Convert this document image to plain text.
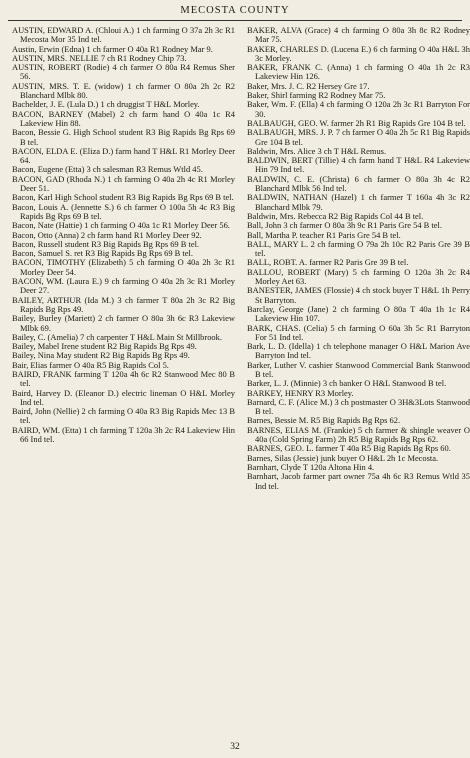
MECOSTA COUNTY
AUSTIN, EDWARD A. (Chloui A.) 1 ch farming O 37a 2h 3c R1 Mecosta Mor 35 Ind tel.
Austin, Erwin (Edna) 1 ch farmer O 40a R1 Rodney Mar 9.
AUSTIN, MRS. NELLIE 7 ch R1 Rodney Chip 73.
AUSTIN, ROBERT (Rodie) 4 ch farmer O 80a R4 Remus Sher 56.
AUSTIN, MRS. T. E. (widow) 1 ch farmer O 80a 2h 2c R2 Blanchard Mlbk 80.
Bachelder, J. E. (Lula D.) 1 ch druggist T H&L Morley.
BACON, BARNEY (Mabel) 2 ch farm hand O 40a 1c R4 Lakeview Hin 88.
Bacon, Bessie G. High School student R3 Big Rapids Bg Rps 69 B tel.
BACON, ELDA E. (Eliza D.) farm hand T H&L R1 Morley Deer 64.
Bacon, Eugene (Etta) 3 ch salesman R3 Remus Wtld 45.
BACON, GAD (Rhoda N.) 1 ch farming O 40a 2h 4c R1 Morley Deer 51.
Bacon, Karl High School student R3 Big Rapids Bg Rps 69 B tel.
Bacon, Louis A. (Jennette S.) 6 ch farmer O 100a 5h 4c R3 Big Rapids Bg Rps 69 B tel.
Bacon, Nate (Hattie) 1 ch farming O 40a 1c R1 Morley Deer 56.
Bacon, Otto (Anna) 2 ch farm hand R1 Morley Deer 92.
Bacon, Russell student R3 Big Rapids Bg Rps 69 B tel.
Bacon, Samuel S. ret R3 Big Rapids Bg Rps 69 B tel.
BACON, TIMOTHY (Elizabeth) 5 ch farming O 40a 2h 3c R1 Morley Deer 54.
BACON, WM. (Laura E.) 9 ch farming O 40a 2h 3c R1 Morley Deer 27.
BAILEY, ARTHUR (Ida M.) 3 ch farmer T 80a 2h 3c R2 Big Rapids Bg Rps 49.
Bailey, Burley (Mariett) 2 ch farmer O 80a 3h 6c R3 Lakeview Mlbk 69.
Bailey, C. (Amelia) 7 ch carpenter T H&L Main St Millbrook.
Bailey, Mabel Irene student R2 Big Rapids Bg Rps 49.
Bailey, Nina May student R2 Big Rapids Bg Rps 49.
Bair, Elias farmer O 40a R5 Big Rapids Col 5.
BAIRD, FRANK farming T 120a 4h 6c R2 Stanwood Mec 80 B tel.
Baird, Harvey D. (Eleanor D.) electric lineman O H&L Morley Ind tel.
Baird, John (Nellie) 2 ch farming O 40a R3 Big Rapids Mec 13 B tel.
BAIRD, WM. (Etta) 1 ch farming T 120a 3h 2c R4 Lakeview Hin 66 Ind tel.
BAKER, ALVA (Grace) 4 ch farming O 80a 3h 8c R2 Rodney Mar 75.
BAKER, CHARLES D. (Lucena E.) 6 ch farming O 40a H&L 3h 3c Morley.
BAKER, FRANK C. (Anna) 1 ch farming O 40a 1h 2c R3 Lakeview Hin 126.
Baker, Mrs. J. C. R2 Hersey Gre 17.
Baker, Shirl farming R2 Rodney Mar 75.
Baker, Wm. F. (Ella) 4 ch farming O 120a 2h 3c R1 Barryton For 30.
BALBAUGH, GEO. W. farmer 2h R1 Big Rapids Gre 104 B tel.
BALBAUGH, MRS. J. P. 7 ch farmer O 40a 2h 5c R1 Big Rapids Gre 104 B tel.
Baldwin, Mrs. Alice 3 ch T H&L Remus.
BALDWIN, BERT (Tillie) 4 ch farm hand T H&L R4 Lakeview Hin 79 Ind tel.
BALDWIN, C. E. (Christa) 6 ch farmer O 80a 3h 4c R2 Blanchard Mlbk 56 Ind tel.
BALDWIN, NATHAN (Hazel) 1 ch farmer T 160a 4h 3c R2 Blanchard Mlbk 79.
Baldwin, Mrs. Rebecca R2 Big Rapids Col 44 B tel.
Ball, John 3 ch farmer O 80a 3h 9c R1 Paris Gre 54 B tel.
Ball, Martha P. teacher R1 Paris Gre 54 B tel.
BALL, MARY L. 2 ch farming O 79a 2h 10c R2 Paris Gre 39 B tel.
BALL, ROBT. A. farmer R2 Paris Gre 39 B tel.
BALLOU, ROBERT (Mary) 5 ch farming O 120a 3h 2c R4 Morley Aet 63.
BANESTER, JAMES (Flossie) 4 ch stock buyer T H&L 1h Perry St Barryton.
Barclay, George (Jane) 2 ch farming O 80a T 40a 1h 1c R4 Lakeview Hin 107.
BARK, CHAS. (Celia) 5 ch farming O 60a 3h 5c R1 Barryton For 51 Ind tel.
Bark, L. D. (Idella) 1 ch telephone manager O H&L Marion Ave Barryton Ind tel.
Barker, Luther V. cashier Stanwood Commercial Bank Stanwood B tel.
Barker, L. J. (Minnie) 3 ch banker O H&L Stanwood B tel.
BARKEY, HENRY R3 Morley.
Barnard, C. F. (Alice M.) 3 ch postmaster O 3H&3Lots Stanwood B tel.
Barnes, Bessie M. R5 Big Rapids Bg Rps 62.
BARNES, ELIAS M. (Frankie) 5 ch farmer & shingle weaver O 40a (Cold Spring Farm) 2h R5 Big Rapids Bg Rps 62.
BARNES, GEO. L. farmer T 40a R5 Big Rapids Bg Rps 60.
Barnes, Silas (Jessie) junk buyer O H&L 2h 1c Mecosta.
Barnhart, Clyde T 120a Altona Hin 4.
Barnhart, Jacob farmer part owner 75a 4h 6c R3 Remus Wtld 35 Ind tel.
32
